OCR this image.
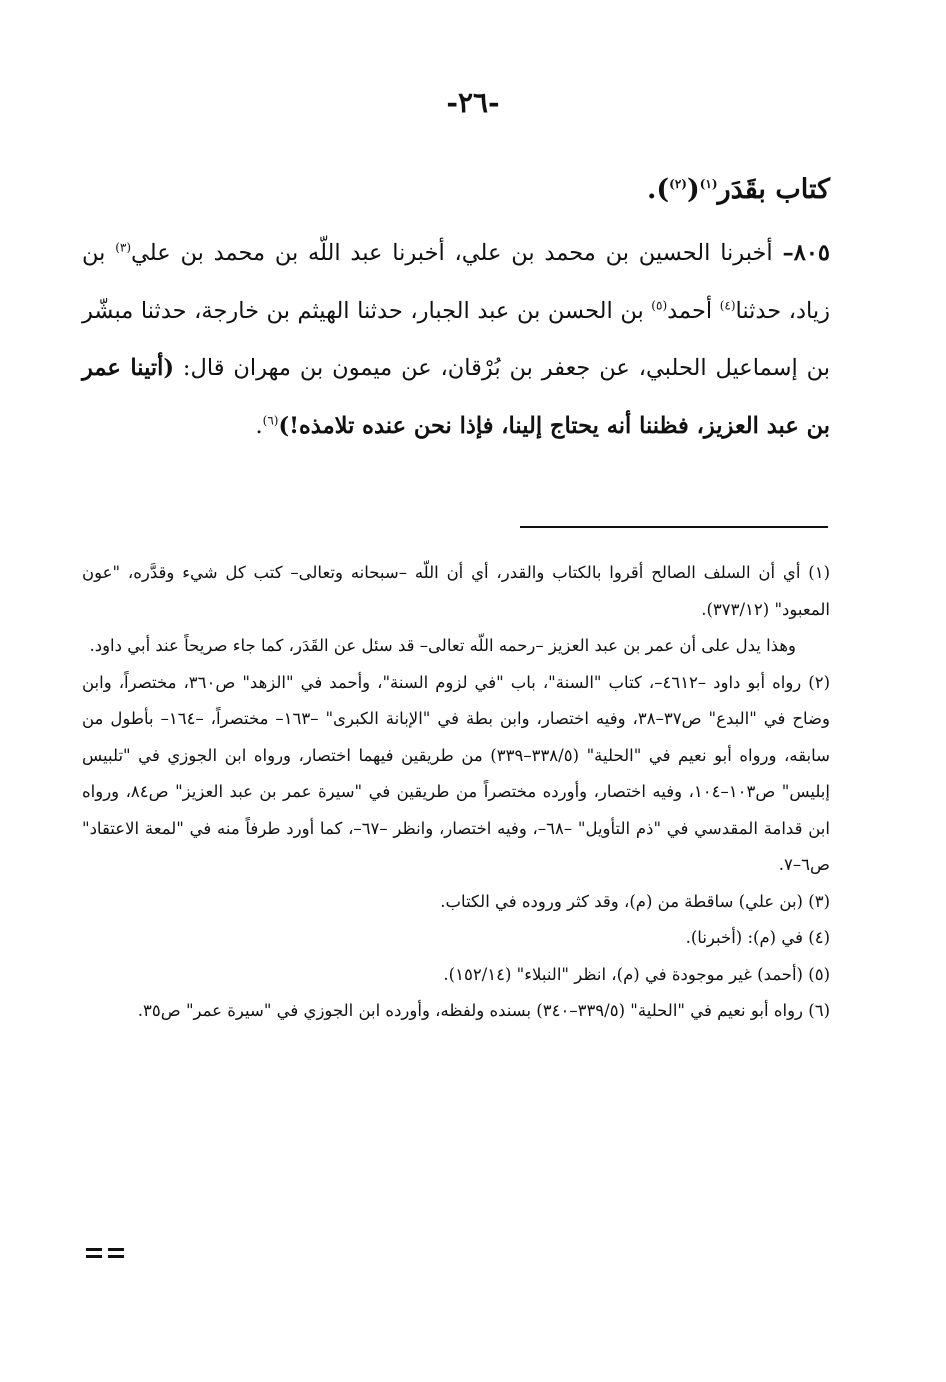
-٢٦-
كتاب بقَدَر$^{(١)}$($^{(٢)}$).
٨٠٥– أخبرنا الحسين بن محمد بن علي، أخبرنا عبد اللّه بن محمد بن علي$^{(٣)}$ بن زياد، حدثنا$^{(٤)}$ أحمد$^{(٥)}$ بن الحسن بن عبد الجبار، حدثنا الهيثم بن خارجة، حدثنا مبشّر بن إسماعيل الحلبي، عن جعفر بن بُرْقان، عن ميمون بن مهران قال: (أتينا عمر بن عبد العزيز، فظننا أنه يحتاج إلينا، فإذا نحن عنده تلامذه!)$^{(٦)}$.
(١) أي أن السلف الصالح أقروا بالكتاب والقدر، أي أن اللّه –سبحانه وتعالى– كتب كل شيء وقدَّره، "عون المعبود" (٣٧٣/١٢).
وهذا يدل على أن عمر بن عبد العزيز –رحمه اللّه تعالى– قد سئل عن القَدَر، كما جاء صريحاً عند أبي داود.
(٢) رواه أبو داود –٤٦١٢–، كتاب "السنة"، باب "في لزوم السنة"، وأحمد في "الزهد" ص٣٦٠، مختصراً، وابن وضاح في "البدع" ص٣٧–٣٨، وفيه اختصار، وابن بطة في "الإبانة الكبرى" –١٦٣– مختصراً، –١٦٤– بأطول من سابقه، ورواه أبو نعيم في "الحلية" (٣٣٨/٥–٣٣٩) من طريقين فيهما اختصار، ورواه ابن الجوزي في "تلبيس إبليس" ص١٠٣–١٠٤، وفيه اختصار، وأورده مختصراً من طريقين في "سيرة عمر بن عبد العزيز" ص٨٤، ورواه ابن قدامة المقدسي في "ذم التأويل" –٦٨–، وفيه اختصار، وانظر –٦٧–، كما أورد طرفاً منه في "لمعة الاعتقاد" ص٦–٧.
(٣) (بن علي) ساقطة من (م)، وقد كثر وروده في الكتاب.
(٤) في (م): (أخبرنا).
(٥) (أحمد) غير موجودة في (م)، انظر "النبلاء" (١٥٢/١٤).
(٦) رواه أبو نعيم في "الحلية" (٣٣٩/٥–٣٤٠) بسنده ولفظه، وأورده ابن الجوزي في "سيرة عمر" ص٣٥.
